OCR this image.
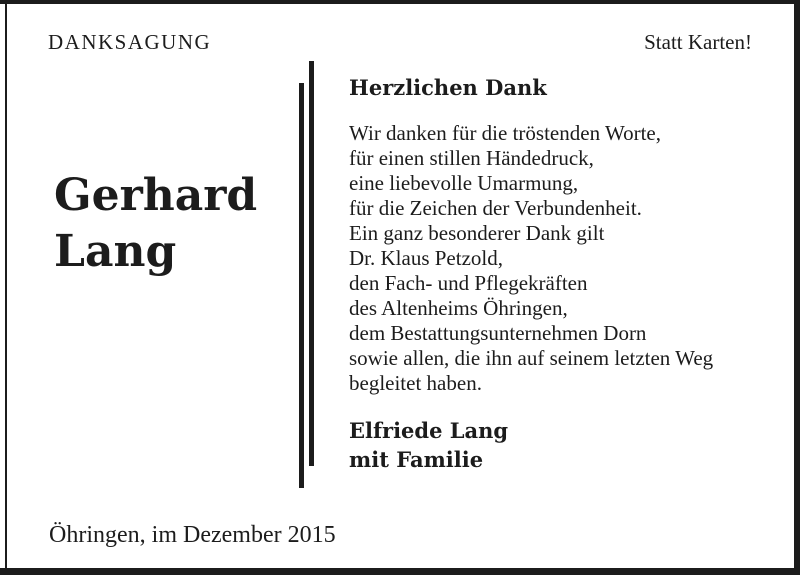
DANKSAGUNG	Statt Karten!
Gerhard
Lang
Herzlichen Dank
Wir danken für die tröstenden Worte,
für einen stillen Händedruck,
eine liebevolle Umarmung,
für die Zeichen der Verbundenheit.
Ein ganz besonderer Dank gilt
Dr. Klaus Petzold,
den Fach- und Pflegekräften
des Altenheims Öhringen,
dem Bestattungsunternehmen Dorn
sowie allen, die ihn auf seinem letzten Weg
begleitet haben.
Elfriede Lang
mit Familie
Öhringen, im Dezember 2015
